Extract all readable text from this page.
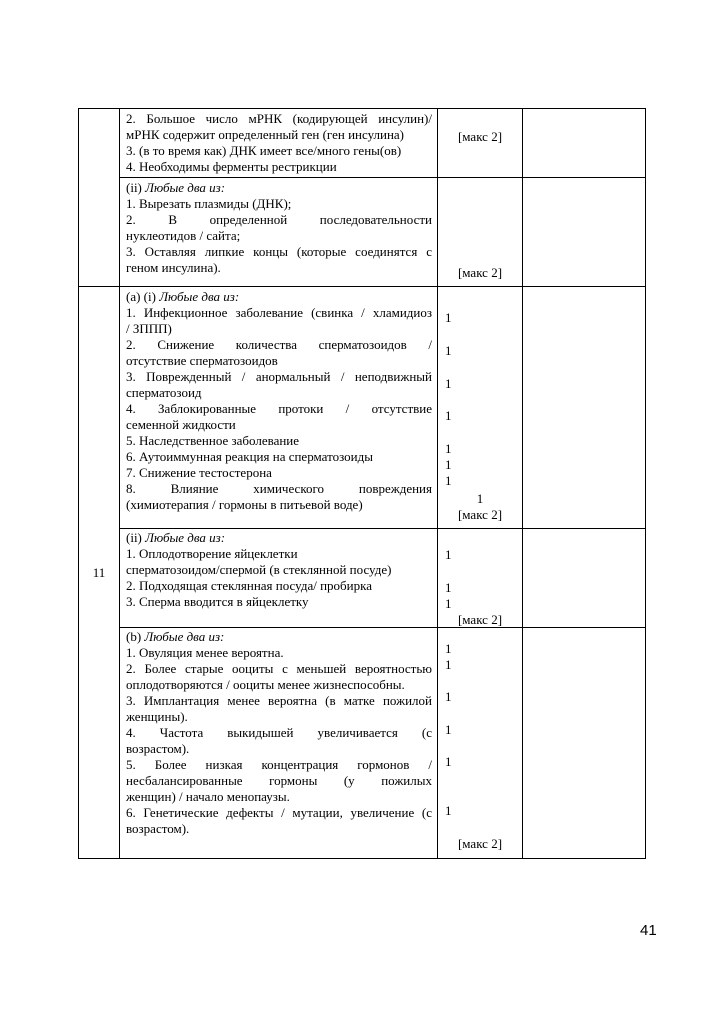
11
2. Большое число мРНК (кодирующей инсулин)/
мРНК содержит определенный ген (ген инсулина)
3. (в то время как) ДНК имеет все/много гены(ов)
4. Необходимы ферменты рестрикции
[макс 2]
(ii) Любые два из:
1. Вырезать плазмиды (ДНК);
2. В определенной последовательности
нуклеотидов / сайта;
3. Оставляя липкие концы (которые соединятся с
геном инсулина).	[макс 2]
(a) (i) Любые два из:
1. Инфекционное заболевание (свинка / хламидиоз
/ ЗППП)
2. Снижение количества сперматозоидов /
отсутствие сперматозоидов
3. Поврежденный / анормальный / неподвижный
сперматозоид
4. Заблокированные протоки / отсутствие
семенной жидкости
5. Наследственное заболевание
6. Аутоиммунная реакция на сперматозоиды
7. Снижение тестостерона
8. Влияние химического повреждения
(химиотерапия / гормоны в питьевой воде)
1
1
1
1
1
1
1
1
[макс 2]
(ii) Любые два из:
1. Оплодотворение яйцеклетки
сперматозоидом/спермой (в стеклянной посуде)
2. Подходящая стеклянная посуда/ пробирка
3. Сперма вводится в яйцеклетку
1
1
1
[макс 2]
(b) Любые два из:
1. Овуляция менее вероятна.
2. Более старые ооциты с меньшей вероятностью
оплодотворяются / ооциты менее жизнеспособны.
3. Имплантация менее вероятна (в матке пожилой
женщины).
4. Частота выкидышей увеличивается (с
возрастом).
5. Более низкая концентрация гормонов /
несбалансированные гормоны (у пожилых
женщин) / начало менопаузы.
6. Генетические дефекты / мутации, увеличение (с
возрастом).
1
1
1
1
1
1
[макс 2]
41
